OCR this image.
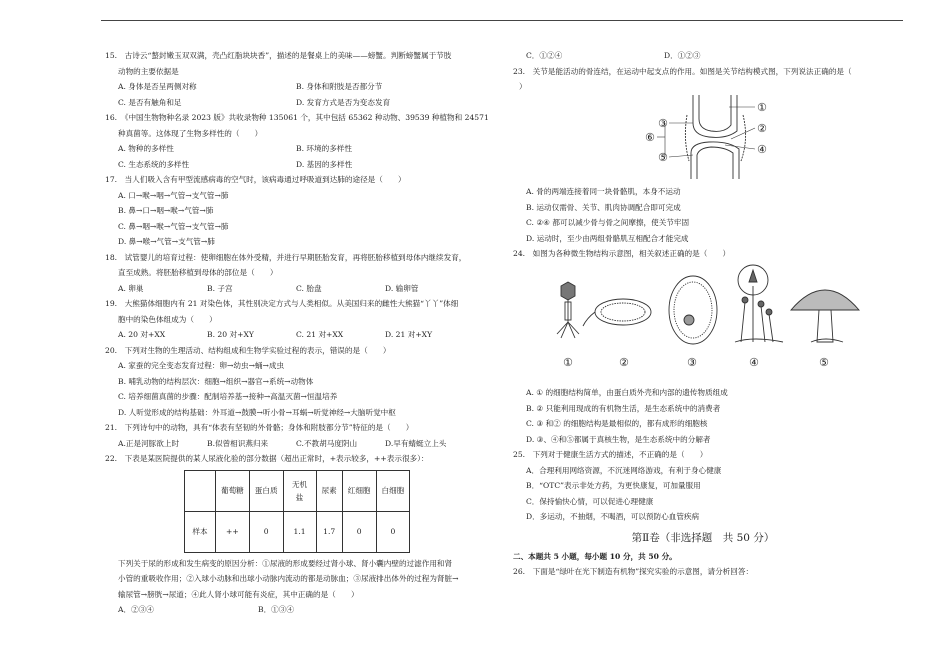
15.　古诗云“螯封嫩玉双双满，壳凸红脂块块香”，描述的是餐桌上的美味——螃蟹。判断螃蟹属于节肢
动物的主要依据是
A. 身体是否呈两侧对称	B. 身体和附肢是否都分节
C. 是否有触角和足	D. 发育方式是否为变态发育
16.　《中国生物物种名录 2023 版》共收录物种 135061 个，其中包括 65362 种动物、39539 种植物和 24571
种真菌等。这体现了生物多样性的（　　）
A. 物种的多样性	B. 环境的多样性
C. 生态系统的多样性	D. 基因的多样性
17.　当人们吸入含有甲型流感病毒的空气时，该病毒通过呼吸道到达肺的途径是（　　）
A. 口→喉→咽→气管→支气管→肺
B. 鼻→口→咽→喉→气管→肺
C. 鼻→咽→喉→气管→支气管→肺
D. 鼻→喉→气管→支气管→肺
18.　试管婴儿的培育过程：使卵细胞在体外受精，并进行早期胚胎发育，再将胚胎移植到母体内继续发育，
直至成熟。将胚胎移植到母体的部位是（　　）
A. 卵巢	B. 子宫	C. 胎盘	D. 输卵管
19.　大熊猫体细胞内有 21 对染色体，其性别决定方式与人类相似。从美国归来的雌性大熊猫“丫丫”体细
胞中的染色体组成为（　　）
A. 20 对+XX	B. 20 对+XY	C. 21 对+XX	D. 21 对+XY
20.　下列对生物的生理活动、结构组成和生物学实验过程的表示，错误的是（　　）
A. 家蚕的完全变态发育过程：卵→幼虫→蛹→成虫
B. 哺乳动物的结构层次：细胞→组织→器官→系统→动物体
C. 培养细菌真菌的步骤：配制培养基→接种→高温灭菌→恒温培养
D. 人听觉形成的结构基础：外耳道→鼓膜→听小骨→耳蜗→听觉神经→大脑听觉中枢
21.　下列诗句中的动物，具有“体表有坚韧的外骨骼；身体和附肢都分节”特征的是（　　）
A.正是河豚欲上时	B.似曾相识燕归来	C.不教胡马度阴山	D.早有蜻蜓立上头
22.　下表是某医院提供的某人尿液化验的部分数据（超出正常时，+表示较多，++表示很多）：
	葡萄糖	蛋白质	无机盐	尿素	红细胞	白细胞
样本	++	0	1.1	1.7	0	0
下列关于尿的形成和发生病变的原因分析：①尿液的形成要经过肾小球、肾小囊内壁的过滤作用和肾
小管的重吸收作用；②入球小动脉和出球小动脉内流动的都是动脉血；③尿液排出体外的过程为肾脏→
输尿管→膀胱→尿道；④此人肾小球可能有炎症，其中正确的是（　　）
A．②③④	B．①③④
C．①②④	D．①②③
23.　关节是能活动的骨连结，在运动中起支点的作用。如图是关节结构模式图，下列说法正确的是（
）
①
②
③
④
⑤
⑥
A. 骨的两端连接着同一块骨骼肌，本身不运动
B. 运动仅需骨、关节、肌肉协调配合即可完成
C. ②④ 都可以减少骨与骨之间摩擦，使关节牢固
D. 运动时，至少由两组骨骼肌互相配合才能完成
24.　如图为各种微生物结构示意图，相关叙述正确的是（　　）
①	②	③	④	⑤
A. ① 的细胞结构简单，由蛋白质外壳和内部的遗传物质组成
B. ② 只能利用现成的有机物生活，是生态系统中的消费者
C. ③ 和② 的细胞结构是最相似的，都有成形的细胞核
D. ③、④和⑤都属于真核生物，是生态系统中的分解者
25.　下列对于健康生活方式的描述，不正确的是（　　）
A．合理利用网络资源，不沉迷网络游戏，有利于身心健康
B．“OTC”表示非处方药，为更快康复，可加量服用
C．保持愉快心情，可以促进心理健康
D．多运动，不抽烟，不喝酒，可以预防心血管疾病
第Ⅱ卷（非选择题　共 50 分）
二、本题共 5 小题，每小题 10 分，共 50 分。
26.　下面是“绿叶在光下制造有机物”探究实验的示意图，请分析回答：
